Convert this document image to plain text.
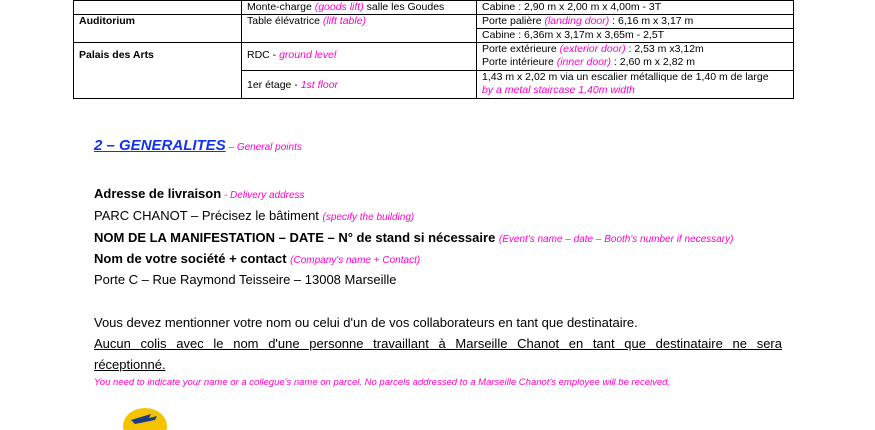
	Monte-charge (goods lift) salle les Goudes	Cabine : 2,90 m x 2,00 m x 4,00m - 3T
Auditorium	Table élévatrice (lift table)	Porte palière (landing door) : 6,16 m x 3,17 m
		Cabine : 6,36m x 3,17m x 3,65m - 2,5T
Palais des Arts	RDC - ground level	Porte extérieure (exterior door) : 2,53 m x3,12m
Porte intérieure (inner door) : 2,60 m x 2,82 m

	1er étage - 1st floor	1,43 m x 2,02 m via un escalier métallique de 1,40 m de large
by a metal staircase 1,40m width
2 – GENERALITES – General points
Adresse de livraison - Delivery address
PARC CHANOT – Précisez le bâtiment (specify the building)
NOM DE LA MANIFESTATION – DATE – N° de stand si nécessaire (Event's name – date – Booth's number if necessary)
Nom de votre société + contact (Company's name + Contact)
Porte C – Rue Raymond Teisseire – 13008 Marseille
Vous devez mentionner votre nom ou celui d'un de vos collaborateurs en tant que destinataire.
Aucun colis avec le nom d'une personne travaillant à Marseille Chanot en tant que destinataire ne sera
réceptionné.
You need to indicate your name or a collegue's name on parcel. No parcels addressed to a Marseille Chanot's employee will be received.
